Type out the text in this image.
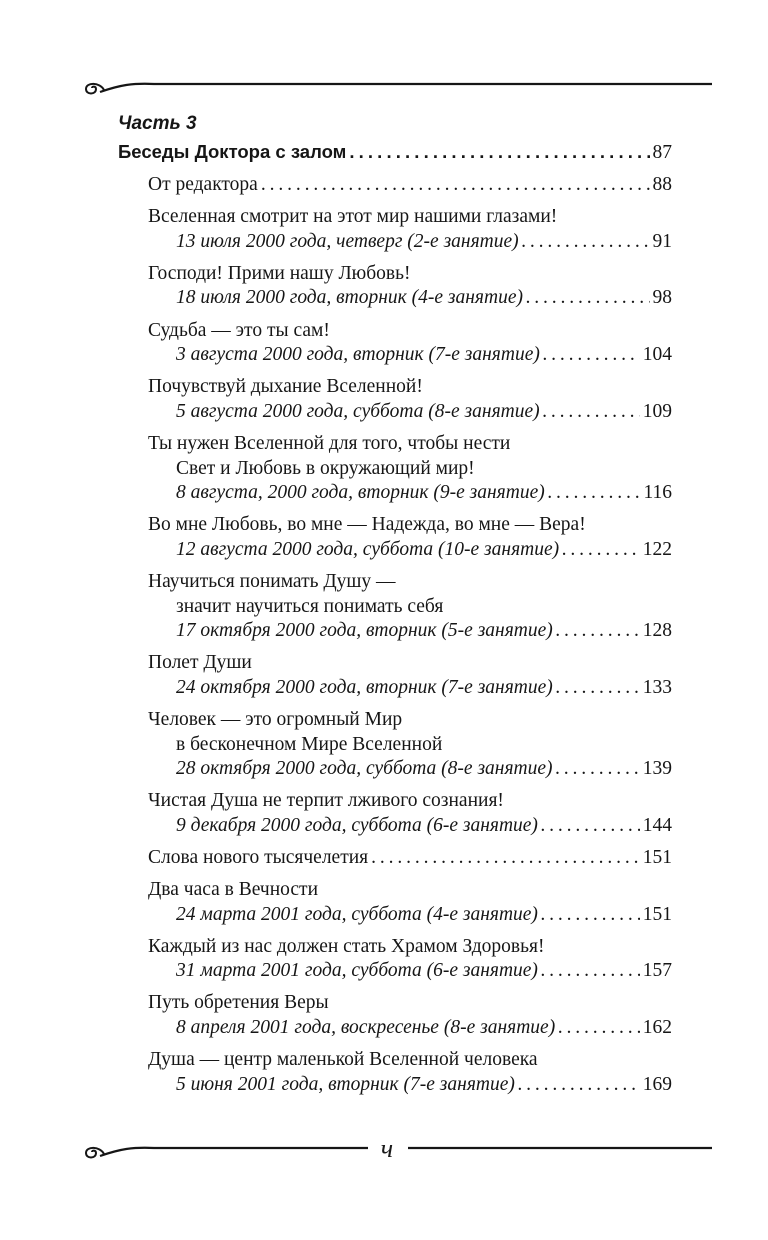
Часть 3
Беседы Доктора с залом . . .	87
От редактора . . .	88
Вселенная смотрит на этот мир нашими глазами!
13 июля 2000 года, четверг (2-е занятие) . . .	91
Господи! Прими нашу Любовь!
18 июля 2000 года, вторник (4-е занятие) . . .	98
Судьба — это ты сам!
3 августа 2000 года, вторник (7-е занятие) . . .	104
Почувствуй дыхание Вселенной!
5 августа 2000 года, суббота (8-е занятие) . . .	109
Ты нужен Вселенной для того, чтобы нести
Свет и Любовь в окружающий мир!
8 августа, 2000 года, вторник (9-е занятие) . . .	116
Во мне Любовь, во мне — Надежда, во мне — Вера!
12 августа 2000 года, суббота (10-е занятие) . . .	122
Научиться понимать Душу —
значит научиться понимать себя
17 октября 2000 года, вторник (5-е занятие) . . .	128
Полет Души
24 октября 2000 года, вторник (7-е занятие) . . .	133
Человек — это огромный Мир
в бесконечном Мире Вселенной
28 октября 2000 года, суббота (8-е занятие) . . .	139
Чистая Душа не терпит лживого сознания!
9 декабря 2000 года, суббота (6-е занятие) . . .	144
Слова нового тысячелетия . . .	151
Два часа в Вечности
24 марта 2001 года, суббота (4-е занятие) . . .	151
Каждый из нас должен стать Храмом Здоровья!
31 марта 2001 года, суббота (6-е занятие) . . .	157
Путь обретения Веры
8 апреля 2001 года, воскресенье (8-е занятие) . . .	162
Душа — центр маленькой Вселенной человека
5 июня 2001 года, вторник (7-е занятие) . . .	169
ч
